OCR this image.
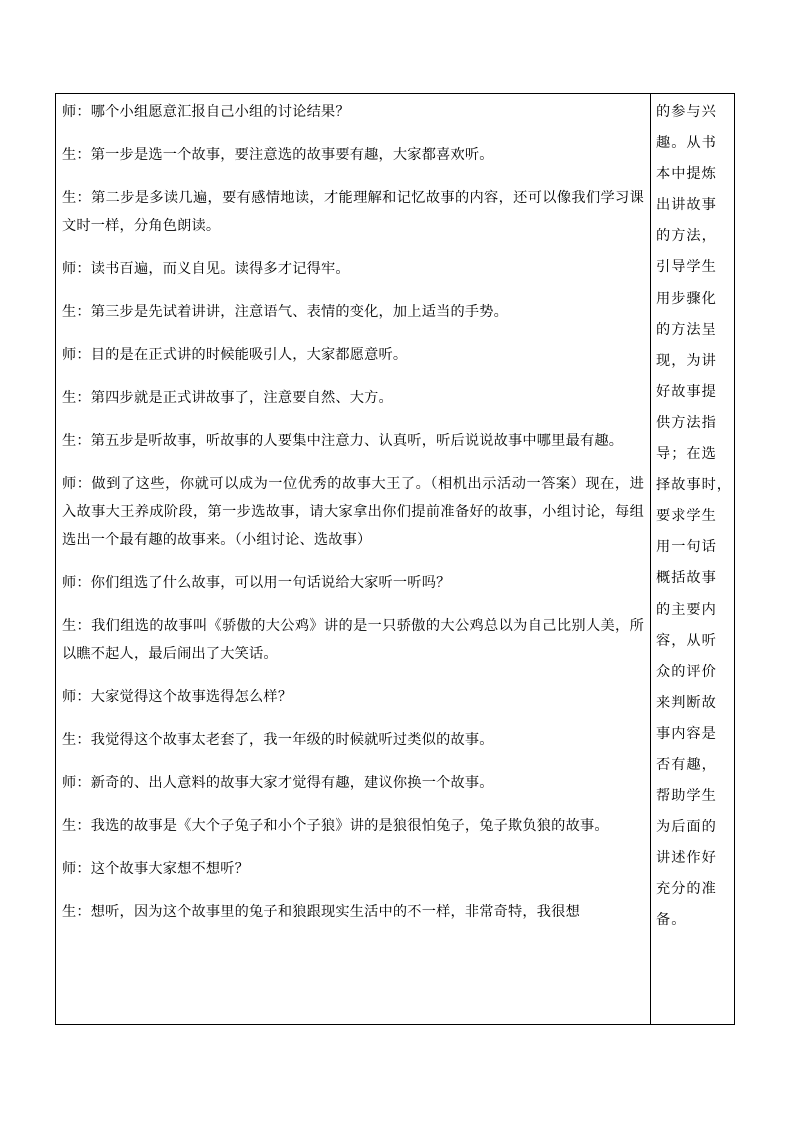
师：哪个小组愿意汇报自己小组的讨论结果？

生：第一步是选一个故事，要注意选的故事要有趣，大家都喜欢听。

生：第二步是多读几遍，要有感情地读，才能理解和记忆故事的内容，还可以像我们学习课文时一样，分角色朗读。

师：读书百遍，而义自见。读得多才记得牢。

生：第三步是先试着讲讲，注意语气、表情的变化，加上适当的手势。

师：目的是在正式讲的时候能吸引人，大家都愿意听。

生：第四步就是正式讲故事了，注意要自然、大方。

生：第五步是听故事，听故事的人要集中注意力、认真听，听后说说故事中哪里最有趣。

师：做到了这些，你就可以成为一位优秀的故事大王了。（相机出示活动一答案）现在，进入故事大王养成阶段，第一步选故事，请大家拿出你们提前准备好的故事，小组讨论，每组选出一个最有趣的故事来。（小组讨论、选故事）

师：你们组选了什么故事，可以用一句话说给大家听一听吗？

生：我们组选的故事叫《骄傲的大公鸡》讲的是一只骄傲的大公鸡总以为自己比别人美，所以瞧不起人，最后闹出了大笑话。

师：大家觉得这个故事选得怎么样？

生：我觉得这个故事太老套了，我一年级的时候就听过类似的故事。

师：新奇的、出人意料的故事大家才觉得有趣，建议你换一个故事。

生：我选的故事是《大个子兔子和小个子狼》讲的是狼很怕兔子，兔子欺负狼的故事。

师：这个故事大家想不想听？

生：想听，因为这个故事里的兔子和狼跟现实生活中的不一样，非常奇特，我很想

的参与兴
趣。从书
本中提炼
出讲故事
的方法，
引导学生
用步骤化
的方法呈
现，为讲
好故事提
供方法指
导；在选
择故事时，
要求学生
用一句话
概括故事
的主要内
容，从听
众的评价
来判断故
事内容是
否有趣，
帮助学生
为后面的
讲述作好
充分的准
备。
